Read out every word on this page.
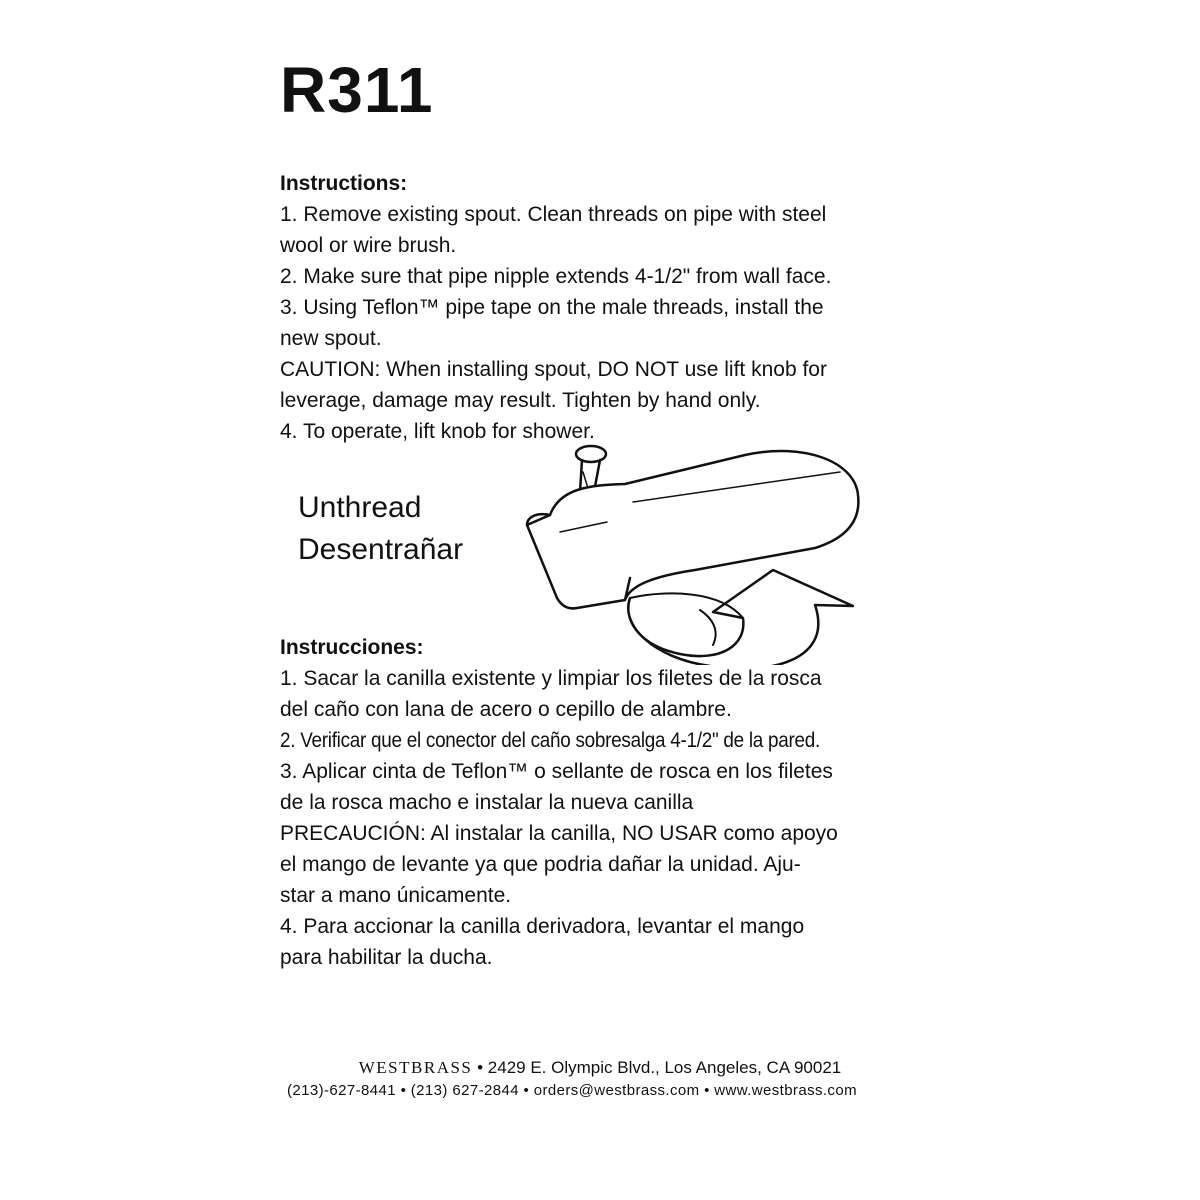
R311
Instructions:
1. Remove existing spout. Clean threads on pipe with steel
wool or wire brush.
2. Make sure that pipe nipple extends 4-1/2" from wall face.
3. Using Teflon™ pipe tape on the male threads, install the
new spout.
CAUTION: When installing spout, DO NOT use lift knob for
leverage, damage may result. Tighten by hand only.
4. To operate, lift knob for shower.
Unthread
Desentrañar
Instrucciones:
1. Sacar la canilla existente y limpiar los filetes de la rosca
del caño con lana de acero o cepillo de alambre.
2. Verificar que el conector del caño sobresalga 4-1/2" de la pared.
3. Aplicar cinta de Teflon™ o sellante de rosca en los filetes
de la rosca macho e instalar la nueva canilla
PRECAUCIÓN: Al instalar la canilla, NO USAR como apoyo
el mango de levante ya que podria dañar la unidad. Aju-
star a mano únicamente.
4. Para accionar la canilla derivadora, levantar el mango
para habilitar la ducha.
WESTBRASS • 2429 E. Olympic Blvd., Los Angeles, CA 90021
(213)-627-8441 • (213) 627-2844 • orders@westbrass.com • www.westbrass.com
